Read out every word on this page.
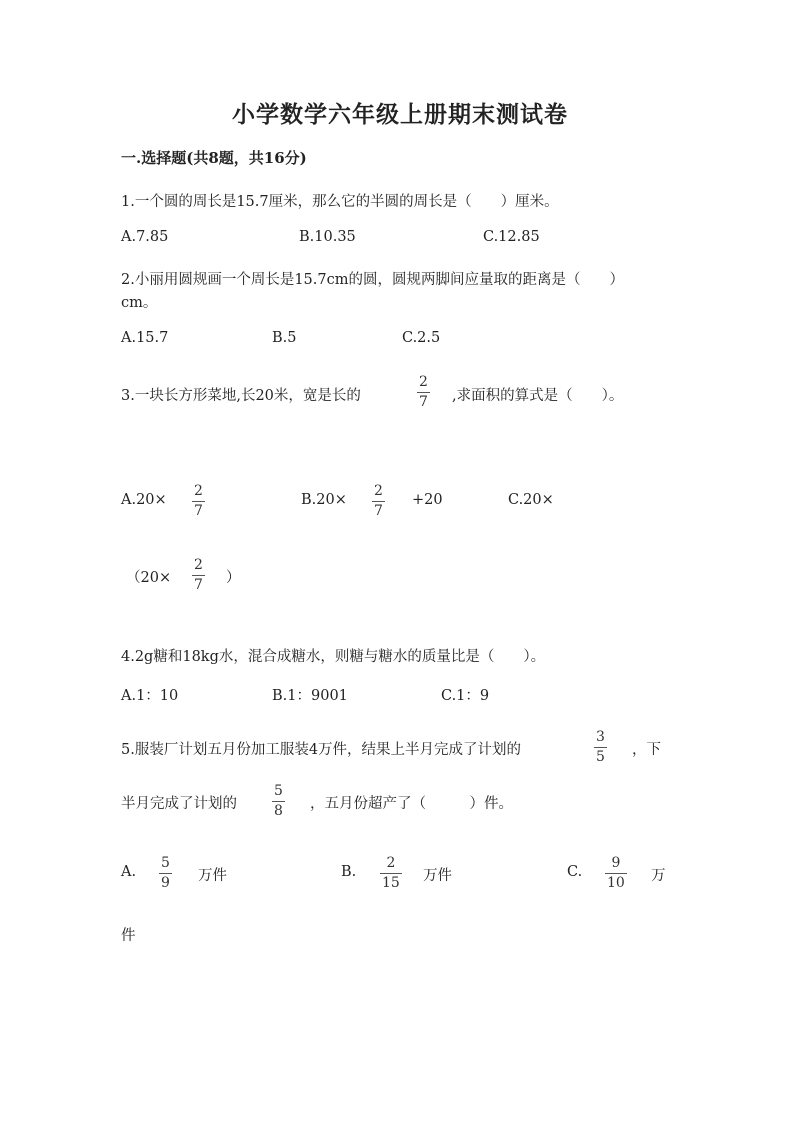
小学数学六年级上册期末测试卷
一.选择题(共8题，共16分)
1.一个圆的周长是15.7厘米，那么它的半圆的周长是（　　）厘米。
A.7.85	B.10.35	C.12.85
2.小丽用圆规画一个周长是15.7cm的圆，圆规两脚间应量取的距离是（　　）
cm。
A.15.7	B.5	C.2.5
3.一块长方形菜地,长20米，宽是长的
2
7 ,求面积的算式是（　　）。
A.20×
2
7
B.20×
2
7
+20	C.20×
（20×
2
7 ）
4.2g糖和18kg水，混合成糖水，则糖与糖水的质量比是（　　）。
A.1：10	B.1：9001	C.1：9
5.服装厂计划五月份加工服装4万件，结果上半月完成了计划的
3
5 ，下
半月完成了计划的
5
8 ，五月份超产了（　　　）件。
A.
5
9 万件	B.
2
15 万件	C.
9
10 万
件
